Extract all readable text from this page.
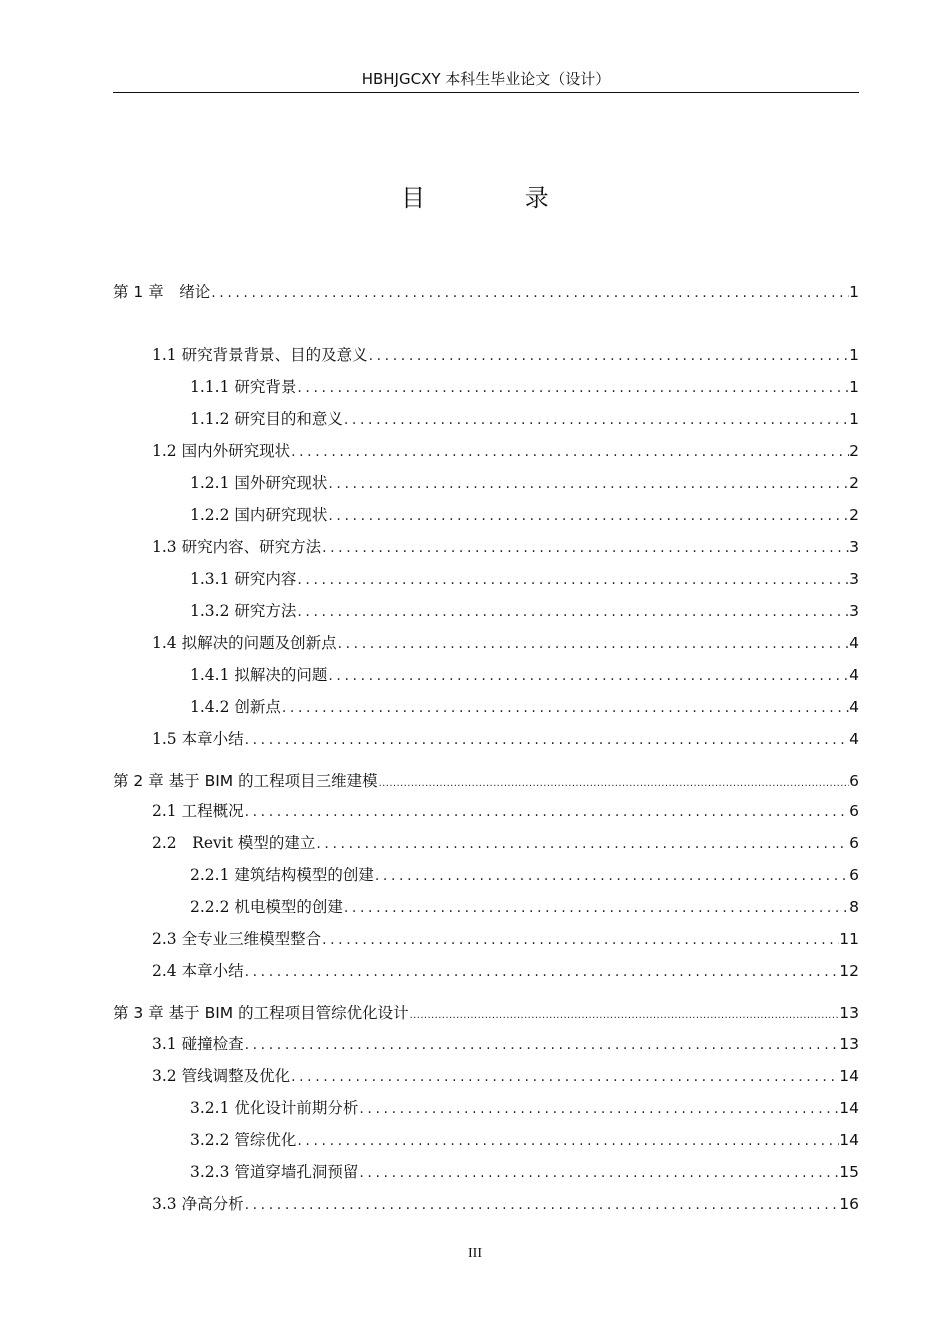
HBHJGCXY 本科生毕业论文（设计）
目 录
第 1 章　绪论 .....	1
1.1 研究背景背景、目的及意义 .....	1
1.1.1 研究背景 .....	1
1.1.2 研究目的和意义 .....	1
1.2 国内外研究现状 .....	2
1.2.1 国外研究现状 .....	2
1.2.2 国内研究现状 .....	2
1.3 研究内容、研究方法 .....	3
1.3.1 研究内容 .....	3
1.3.2 研究方法 .....	3
1.4 拟解决的问题及创新点 .....	4
1.4.1 拟解决的问题 .....	4
1.4.2 创新点 .....	4
1.5 本章小结 .....	4
第 2 章 基于 BIM 的工程项目三维建模 .....	6
2.1 工程概况 .....	6
2.2　Revit 模型的建立 .....	6
2.2.1 建筑结构模型的创建 .....	6
2.2.2 机电模型的创建 .....	8
2.3 全专业三维模型整合 .....	11
2.4 本章小结 .....	12
第 3 章 基于 BIM 的工程项目管综优化设计 .....	13
3.1 碰撞检查 .....	13
3.2 管线调整及优化 .....	14
3.2.1 优化设计前期分析 .....	14
3.2.2 管综优化 .....	14
3.2.3 管道穿墙孔洞预留 .....	15
3.3 净高分析 .....	16
III
